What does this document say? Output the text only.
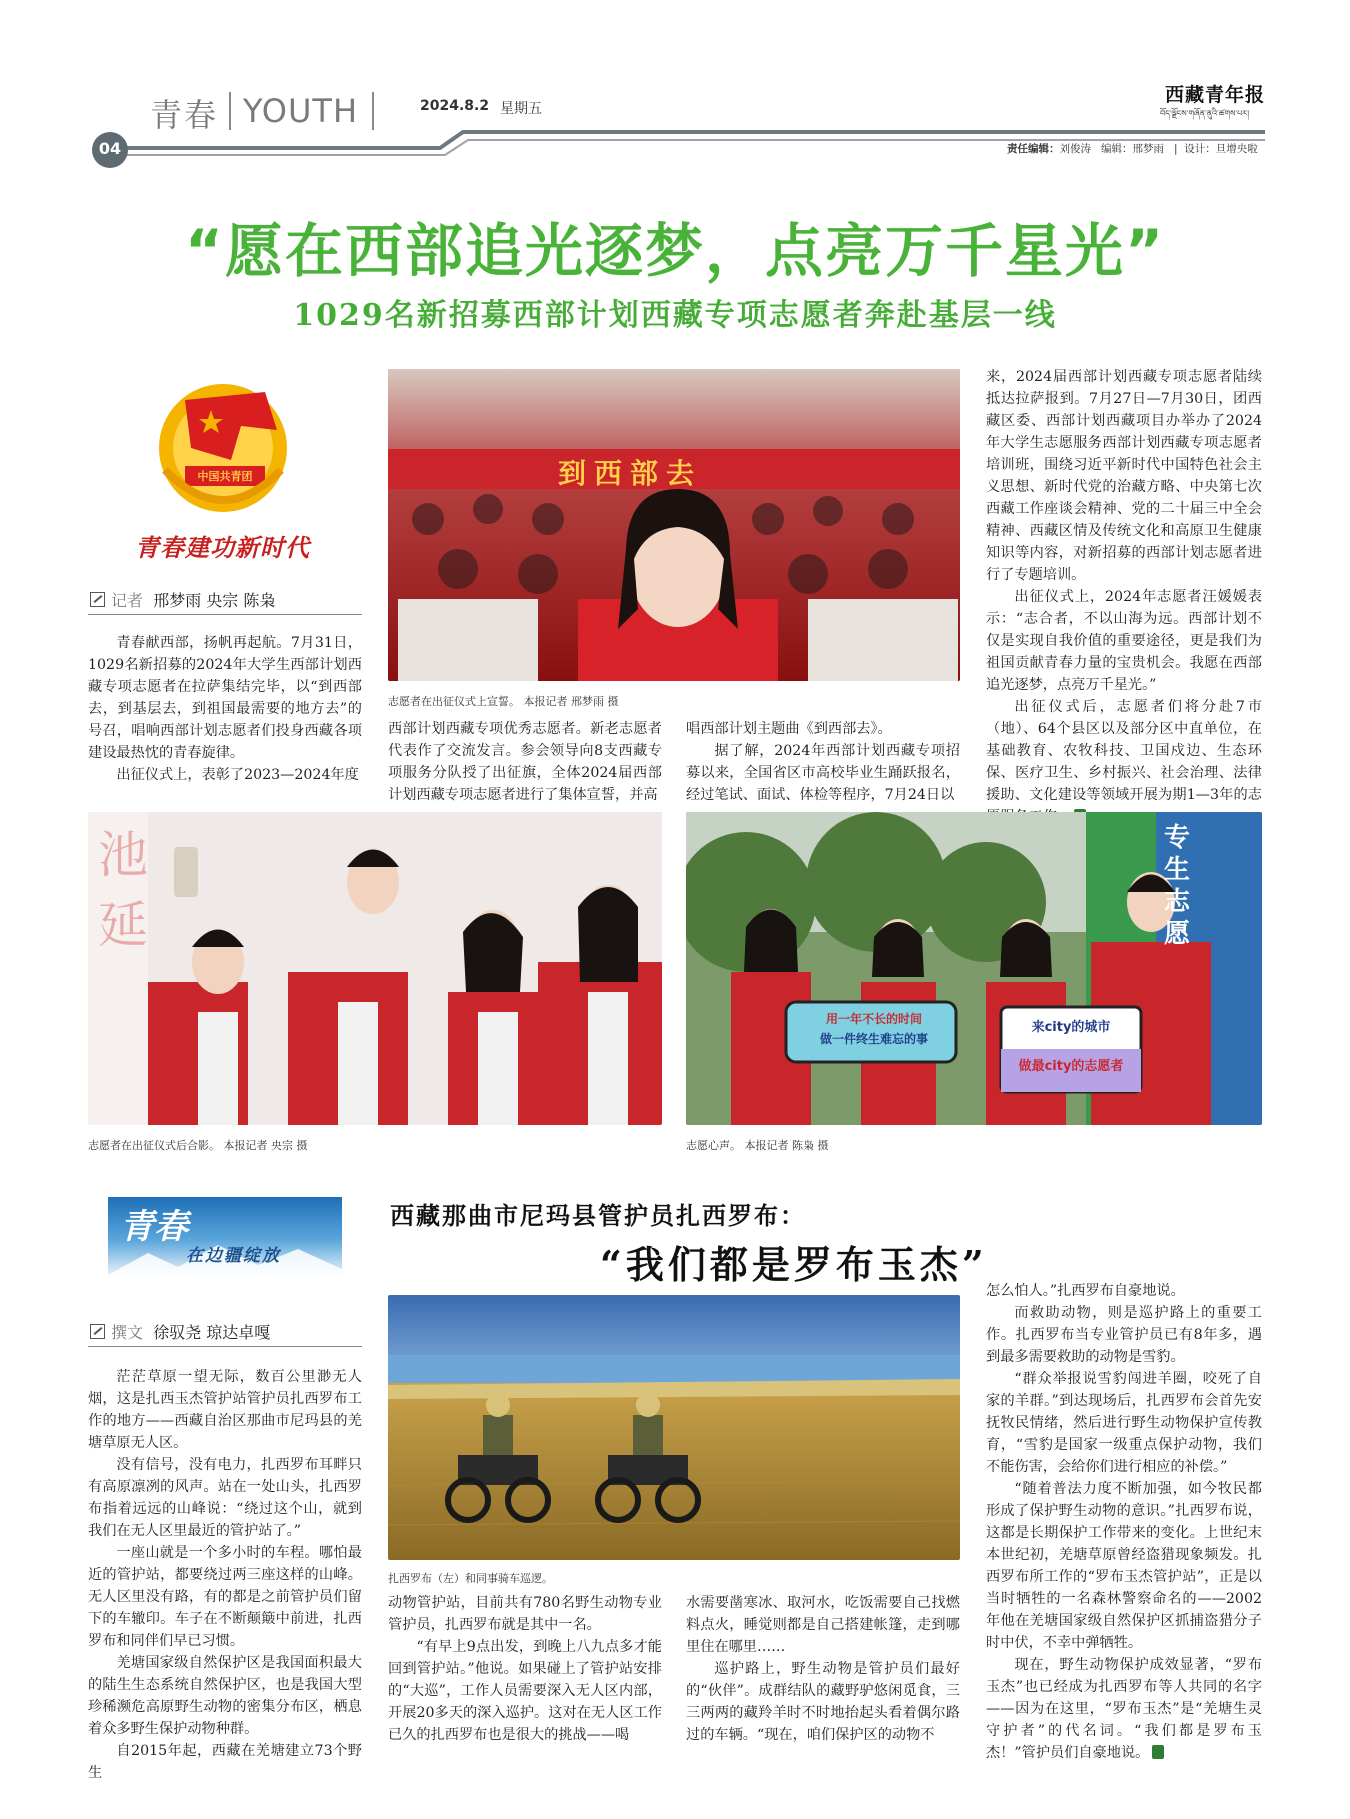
青春 YOUTH	2024.8.2 星期五
04
西藏青年报
བོད་ལྗོངས་གཞོན་ནུའི་ཚགས་པར།
责任编辑：刘俊涛 编辑：邢梦雨   |  设计：旦增央啦
“愿在西部追光逐梦，点亮万千星光”
1029名新招募西部计划西藏专项志愿者奔赴基层一线
中国共青团
青春建功新时代
记者 邢梦雨 央宗 陈枭

青春献西部，扬帆再起航。7月31日，1029名新招募的2024年大学生西部计划西藏专项志愿者在拉萨集结完毕，以“到西部去，到基层去，到祖国最需要的地方去”的号召，唱响西部计划志愿者们投身西藏各项建设最热忱的青春旋律。

出征仪式上，表彰了2023—2024年度

到西部去
志愿者在出征仪式上宣誓。 本报记者 邢梦雨 摄

西部计划西藏专项优秀志愿者。新老志愿者代表作了交流发言。参会领导向8支西藏专项服务分队授了出征旗，全体2024届西部计划西藏专项志愿者进行了集体宣誓，并高

唱西部计划主题曲《到西部去》。

据了解，2024年西部计划西藏专项招募以来，全国省区市高校毕业生踊跃报名，经过笔试、面试、体检等程序，7月24日以

来，2024届西部计划西藏专项志愿者陆续抵达拉萨报到。7月27日—7月30日，团西藏区委、西部计划西藏项目办举办了2024年大学生志愿服务西部计划西藏专项志愿者培训班，围绕习近平新时代中国特色社会主义思想、新时代党的治藏方略、中央第七次西藏工作座谈会精神、党的二十届三中全会精神、西藏区情及传统文化和高原卫生健康知识等内容，对新招募的西部计划志愿者进行了专题培训。

出征仪式上，2024年志愿者汪媛媛表示：“志合者，不以山海为远。西部计划不仅是实现自我价值的重要途径，更是我们为祖国贡献青春力量的宝贵机会。我愿在西部追光逐梦，点亮万千星光。”

出征仪式后，志愿者们将分赴7市（地）、64个县区以及部分区中直单位，在基础教育、农牧科技、卫国戍边、生态环保、医疗卫生、乡村振兴、社会治理、法律援助、文化建设等领域开展为期1—3年的志

池
延
志愿者在出征仪式后合影。 本报记者 央宗 摄
用一年不长的时间
做一件终生难忘的事
来city的城市
做最city的志愿者
专 生志愿
志愿心声。 本报记者 陈枭 摄
青春
在边疆绽放
撰文 徐驭尧 琼达卓嘎
西藏那曲市尼玛县管护员扎西罗布：
“我们都是罗布玉杰”

茫茫草原一望无际，数百公里渺无人烟，这是扎西玉杰管护站管护员扎西罗布工作的地方——西藏自治区那曲市尼玛县的羌塘草原无人区。

没有信号，没有电力，扎西罗布耳畔只有高原凛冽的风声。站在一处山头，扎西罗布指着远远的山峰说：“绕过这个山，就到我们在无人区里最近的管护站了。”

一座山就是一个多小时的车程。哪怕最近的管护站，都要绕过两三座这样的山峰。无人区里没有路，有的都是之前管护员们留下的车辙印。车子在不断颠簸中前进，扎西罗布和同伴们早已习惯。

羌塘国家级自然保护区是我国面积最大的陆生生态系统自然保护区，也是我国大型珍稀濒危高原野生动物的密集分布区，栖息着众多野生保护动物种群。

自2015年起，西藏在羌塘建立73个野生

扎西罗布（左）和同事骑车巡逻。

动物管护站，目前共有780名野生动物专业管护员，扎西罗布就是其中一名。

“有早上9点出发，到晚上八九点多才能回到管护站。”他说。如果碰上了管护站安排的“大巡”，工作人员需要深入无人区内部，开展20多天的深入巡护。这对在无人区工作已久的扎西罗布也是很大的挑战——喝

水需要凿寒冰、取河水，吃饭需要自己找燃料点火，睡觉则都是自己搭建帐篷，走到哪里住在哪里……

巡护路上，野生动物是管护员们最好的“伙伴”。成群结队的藏野驴悠闲觅食，三三两两的藏羚羊时不时地抬起头看着偶尔路过的车辆。“现在，咱们保护区的动物不

怎么怕人。”扎西罗布自豪地说。

而救助动物，则是巡护路上的重要工作。扎西罗布当专业管护员已有8年多，遇到最多需要救助的动物是雪豹。

“群众举报说雪豹闯进羊圈，咬死了自家的羊群。”到达现场后，扎西罗布会首先安抚牧民情绪，然后进行野生动物保护宣传教育，“雪豹是国家一级重点保护动物，我们不能伤害，会给你们进行相应的补偿。”

“随着普法力度不断加强，如今牧民都形成了保护野生动物的意识。”扎西罗布说，这都是长期保护工作带来的变化。上世纪末本世纪初，羌塘草原曾经盗猎现象频发。扎西罗布所工作的“罗布玉杰管护站”，正是以当时牺牲的一名森林警察命名的——2002年他在羌塘国家级自然保护区抓捕盗猎分子时中伏，不幸中弹牺牲。

现在，野生动物保护成效显著，“罗布玉杰”也已经成为扎西罗布等人共同的名字——因为在这里，“罗布玉杰”是“羌塘生灵守护者”的代名词。“我们都是罗布玉杰！”管护员们自豪地说。
